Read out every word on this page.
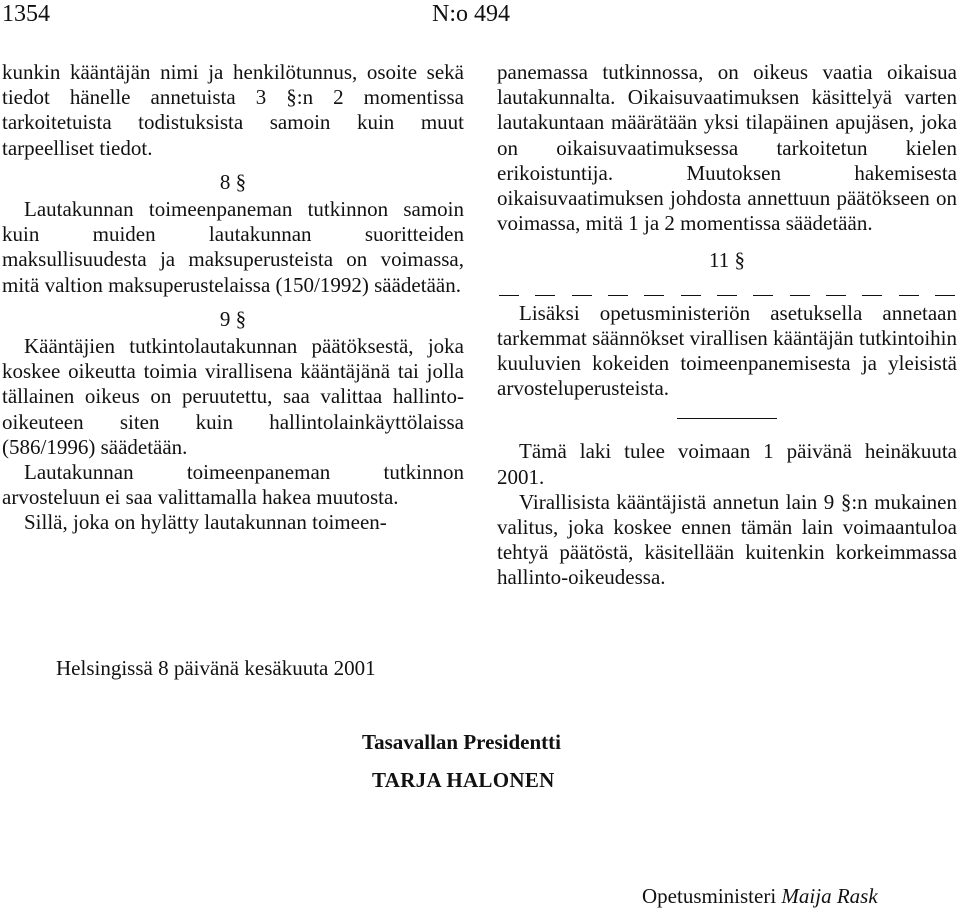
1354	N:o 494

kunkin kääntäjän nimi ja henkilötunnus, osoite sekä tiedot hänelle annetuista 3 §:n 2 momentissa tarkoitetuista todistuksista samoin kuin muut tarpeelliset tiedot.

8 §

Lautakunnan toimeenpaneman tutkinnon samoin kuin muiden lautakunnan suoritteiden maksullisuudesta ja maksuperusteista on voimassa, mitä valtion maksuperustelaissa (150/1992) säädetään.

9 §

Kääntäjien tutkintolautakunnan päätöksestä, joka koskee oikeutta toimia virallisena kääntäjänä tai jolla tällainen oikeus on peruutettu, saa valittaa hallinto-oikeuteen siten kuin hallintolainkäyttölaissa (586/1996) säädetään.

Lautakunnan toimeenpaneman tutkinnon arvosteluun ei saa valittamalla hakea muutosta.

Sillä, joka on hylätty lautakunnan toimeen-

panemassa tutkinnossa, on oikeus vaatia oikaisua lautakunnalta. Oikaisuvaatimuksen käsittelyä varten lautakuntaan määrätään yksi tilapäinen apujäsen, joka on oikaisuvaatimuksessa tarkoitetun kielen erikoistuntija. Muutoksen hakemisesta oikaisuvaatimuksen johdosta annettuun päätökseen on voimassa, mitä 1 ja 2 momentissa säädetään.

11 §

Lisäksi opetusministeriön asetuksella annetaan tarkemmat säännökset virallisen kääntäjän tutkintoihin kuuluvien kokeiden toimeenpanemisesta ja yleisistä arvosteluperusteista.

Tämä laki tulee voimaan 1 päivänä heinäkuuta 2001.

Virallisista kääntäjistä annetun lain 9 §:n mukainen valitus, joka koskee ennen tämän lain voimaantuloa tehtyä päätöstä, käsitellään kuitenkin korkeimmassa hallinto-oikeudessa.

Helsingissä 8 päivänä kesäkuuta 2001
Tasavallan Presidentti
TARJA HALONEN
Opetusministeri Maija Rask
